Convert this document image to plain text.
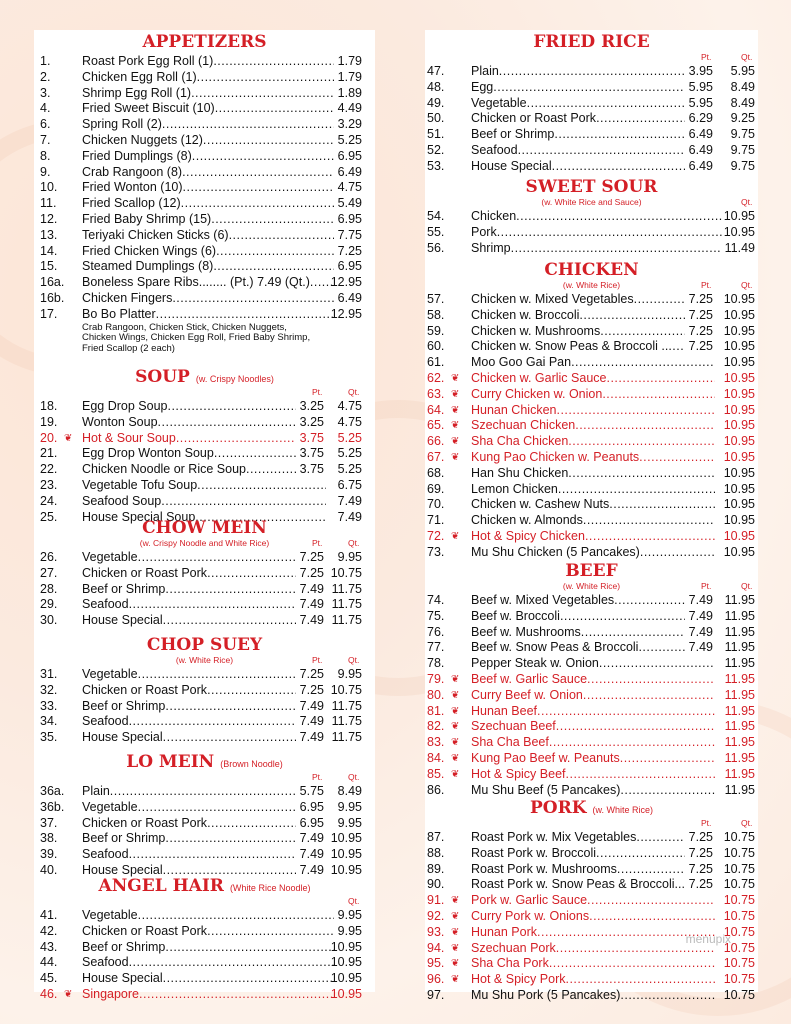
APPETIZERS
1.	Roast Pork Egg Roll (1) .....	1.79
2.	Chicken Egg Roll (1) .....	1.79
3.	Shrimp Egg Roll (1) .....	1.89
4.	Fried Sweet Biscuit (10) .....	4.49
6.	Spring Roll (2) .....	3.29
7.	Chicken Nuggets (12) .....	5.25
8.	Fried Dumplings (8) .....	6.95
9.	Crab Rangoon (8) .....	6.49
10. Fried Wonton (10) .....	4.75
11. Fried Scallop (12) .....	5.49
12. Fried Baby Shrimp (15) .....	6.95
13. Teriyaki Chicken Sticks (6) .....	7.75
14. Fried Chicken Wings (6) .....	7.25
15. Steamed Dumplings (8) .....	6.95
16a. Boneless Spare Ribs........ (Pt.) 7.49 (Qt.) ..... 12.95
16b. Chicken Fingers .....	6.49
17. Bo Bo Platter .....	12.95
Crab Rangoon, Chicken Stick, Chicken Nuggets, Chicken Wings, Chicken Egg Roll, Fried Baby Shrimp, Fried Scallop (2 each)
SOUP (w. Crispy Noodles)
Pt.	Qt.
18. Egg Drop Soup .....	3.25 4.75
19. Wonton Soup .....	3.25 4.75
20. ❦ Hot & Sour Soup .....	3.75 5.25
21. Egg Drop Wonton Soup .....	3.75 5.25
22. Chicken Noodle or Rice Soup .....	3.75 5.25
23. Vegetable Tofu Soup .....	6.75
24. Seafood Soup .....	7.49
25. House Special Soup .....	7.49
CHOW MEIN
(w. Crispy Noodle and White Rice)	Pt.	Qt.
26. Vegetable .....	7.25 9.95
27. Chicken or Roast Pork .....	7.25 10.75
28. Beef or Shrimp .....	7.49 11.75
29. Seafood .....	7.49 11.75
30. House Special .....	7.49 11.75
CHOP SUEY
(w. White Rice)	Pt.	Qt.
31. Vegetable .....	7.25 9.95
32. Chicken or Roast Pork .....	7.25 10.75
33. Beef or Shrimp .....	7.49 11.75
34. Seafood .....	7.49 11.75
35. House Special .....	7.49 11.75
LO MEIN (Brown Noodle)
Pt.	Qt.
36a. Plain .....	5.75 8.49
36b. Vegetable .....	6.95 9.95
37. Chicken or Roast Pork .....	6.95 9.95
38. Beef or Shrimp .....	7.49 10.95
39. Seafood .....	7.49 10.95
40. House Special .....	7.49 10.95
ANGEL HAIR (White Rice Noodle)
Qt.
41. Vegetable .....	9.95
42. Chicken or Roast Pork .....	9.95
43. Beef or Shrimp .....	10.95
44. Seafood .....	10.95
45. House Special .....	10.95
46. ❦ Singapore .....	10.95
FRIED RICE
Pt.	Qt.
47. Plain .....	3.95 5.95
48. Egg .....	5.95 8.49
49. Vegetable .....	5.95 8.49
50. Chicken or Roast Pork .....	6.29 9.25
51. Beef or Shrimp .....	6.49 9.75
52. Seafood .....	6.49 9.75
53. House Special .....	6.49 9.75
SWEET SOUR
(w. White Rice and Sauce)	Qt.
54. Chicken .....	10.95
55. Pork .....	10.95
56. Shrimp .....	11.49
CHICKEN
(w. White Rice)	Pt.	Qt.
57. Chicken w. Mixed Vegetables .....	7.25 10.95
58. Chicken w. Broccoli .....	7.25 10.95
59. Chicken w. Mushrooms .....	7.25 10.95
60. Chicken w. Snow Peas & Broccoli .. ..... 7.25 10.95
61. Moo Goo Gai Pan .....	10.95
62. ❦ Chicken w. Garlic Sauce .....	10.95
63. ❦ Curry Chicken w. Onion .....	10.95
64. ❦ Hunan Chicken .....	10.95
65. ❦ Szechuan Chicken .....	10.95
66. ❦ Sha Cha Chicken .....	10.95
67. ❦ Kung Pao Chicken w. Peanuts .....	10.95
68. Han Shu Chicken .....	10.95
69. Lemon Chicken .....	10.95
70. Chicken w. Cashew Nuts .....	10.95
71. Chicken w. Almonds .....	10.95
72. ❦ Hot & Spicy Chicken .....	10.95
73. Mu Shu Chicken (5 Pancakes) .....	10.95
BEEF
(w. White Rice)	Pt.	Qt.
74. Beef w. Mixed Vegetables .....	7.49 11.95
75. Beef w. Broccoli .....	7.49 11.95
76. Beef w. Mushrooms .....	7.49 11.95
77. Beef w. Snow Peas & Broccoli .....	7.49 11.95
78. Pepper Steak w. Onion .....	11.95
79. ❦ Beef w. Garlic Sauce .....	11.95
80. ❦ Curry Beef w. Onion .....	11.95
81. ❦ Hunan Beef .....	11.95
82. ❦ Szechuan Beef .....	11.95
83. ❦ Sha Cha Beef .....	11.95
84. ❦ Kung Pao Beef w. Peanuts .....	11.95
85. ❦ Hot & Spicy Beef .....	11.95
86. Mu Shu Beef (5 Pancakes) .....	11.95
PORK (w. White Rice)
Pt.	Qt.
87. Roast Pork w. Mix Vegetables .....	7.25 10.75
88. Roast Pork w. Broccoli .....	7.25 10.75
89. Roast Pork w. Mushrooms .....	7.25 10.75
90. Roast Pork w. Snow Peas & Broccoli.. ..... 7.25 10.75
91. ❦ Pork w. Garlic Sauce .....	10.75
92. ❦ Curry Pork w. Onions .....	10.75
93. ❦ Hunan Pork .....	10.75
94. ❦ Szechuan Pork .....	10.75
95. ❦ Sha Cha Pork .....	10.75
96. ❦ Hot & Spicy Pork .....	10.75
97. Mu Shu Pork (5 Pancakes) .....	10.75
menupix
